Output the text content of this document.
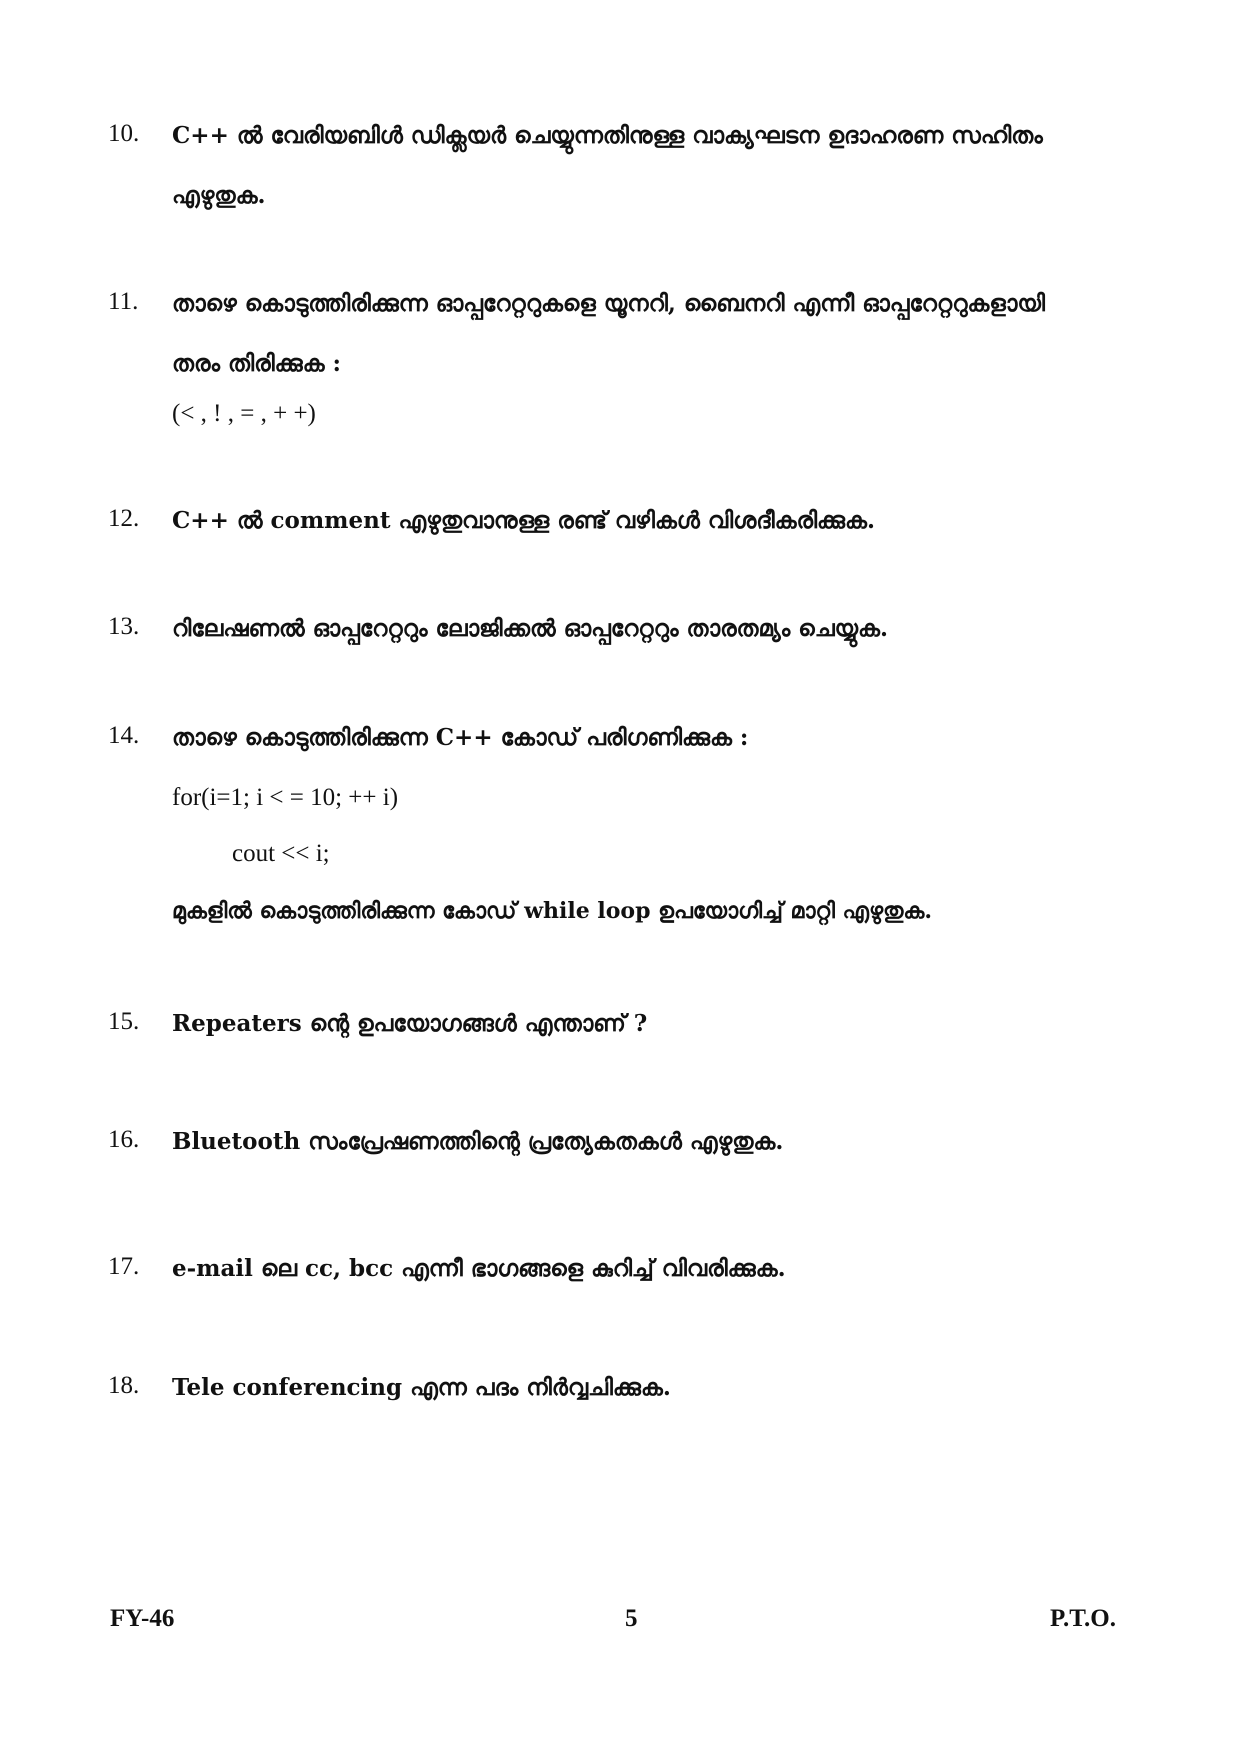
10.	C++ ൽ വേരിയബിൾ ഡിക്ലയർ ചെയ്യുന്നതിനുള്ള വാക്യഘടന ഉദാഹരണ സഹിതം
എഴുതുക.
11.	താഴെ കൊടുത്തിരിക്കുന്ന ഓപ്പറേറ്ററുകളെ യൂനറി, ബൈനറി എന്നീ ഓപ്പറേറ്ററുകളായി
തരം തിരിക്കുക :
(< , ! , = , + +)
12.	C++ ൽ comment എഴുതുവാനുള്ള രണ്ട് വഴികൾ വിശദീകരിക്കുക.
13.	റിലേഷണൽ ഓപ്പറേറ്ററും ലോജിക്കൽ ഓപ്പറേറ്ററും താരതമ്യം ചെയ്യുക.
14.	താഴെ കൊടുത്തിരിക്കുന്ന C++ കോഡ് പരിഗണിക്കുക :
for(i=1; i < = 10; ++ i)
cout << i;
മുകളിൽ കൊടുത്തിരിക്കുന്ന കോഡ് while loop ഉപയോഗിച്ച് മാറ്റി എഴുതുക.
15.	Repeaters ന്റെ ഉപയോഗങ്ങൾ എന്താണ് ?
16.	Bluetooth സംപ്രേഷണത്തിന്റെ പ്രത്യേകതകൾ എഴുതുക.
17.	e-mail ലെ cc, bcc എന്നീ ഭാഗങ്ങളെ കുറിച്ച് വിവരിക്കുക.
18.	Tele conferencing എന്ന പദം നിർവ്വചിക്കുക.
FY-46	5	P.T.O.
